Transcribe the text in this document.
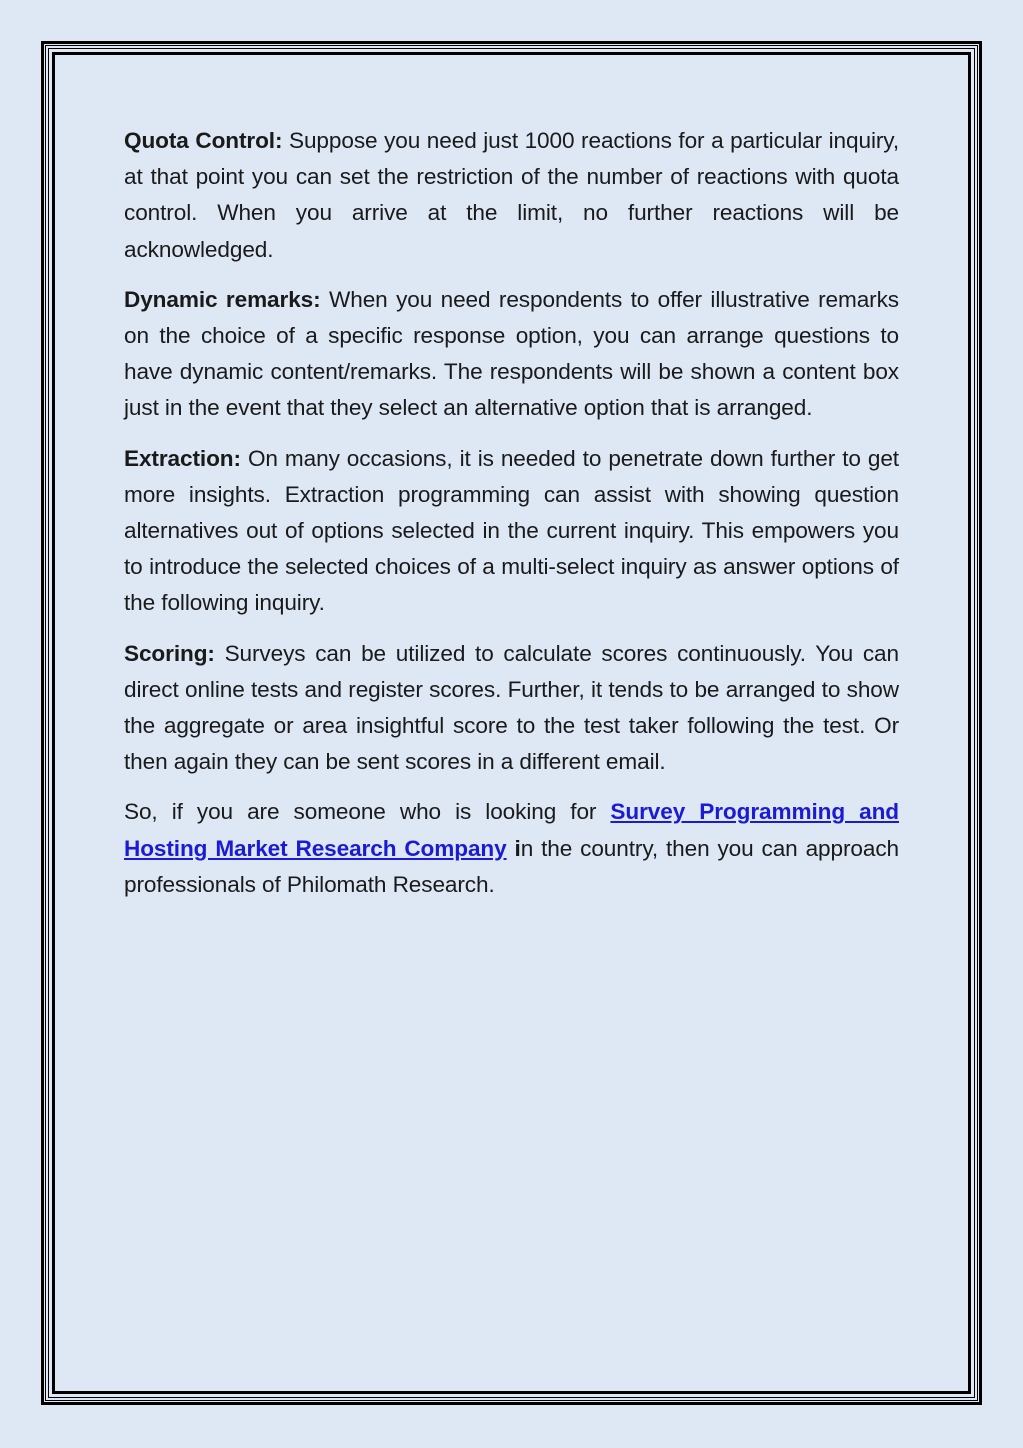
Quota Control: Suppose you need just 1000 reactions for a particular inquiry, at that point you can set the restriction of the number of reactions with quota control. When you arrive at the limit, no further reactions will be acknowledged.

Dynamic remarks: When you need respondents to offer illustrative remarks on the choice of a specific response option, you can arrange questions to have dynamic content/remarks. The respondents will be shown a content box just in the event that they select an alternative option that is arranged.

Extraction: On many occasions, it is needed to penetrate down further to get more insights. Extraction programming can assist with showing question alternatives out of options selected in the current inquiry. This empowers you to introduce the selected choices of a multi-select inquiry as answer options of the following inquiry.

Scoring: Surveys can be utilized to calculate scores continuously. You can direct online tests and register scores. Further, it tends to be arranged to show the aggregate or area insightful score to the test taker following the test. Or then again they can be sent scores in a different email.

So, if you are someone who is looking for Survey Programming and Hosting Market Research Company in the country, then you can approach professionals of Philomath Research.
